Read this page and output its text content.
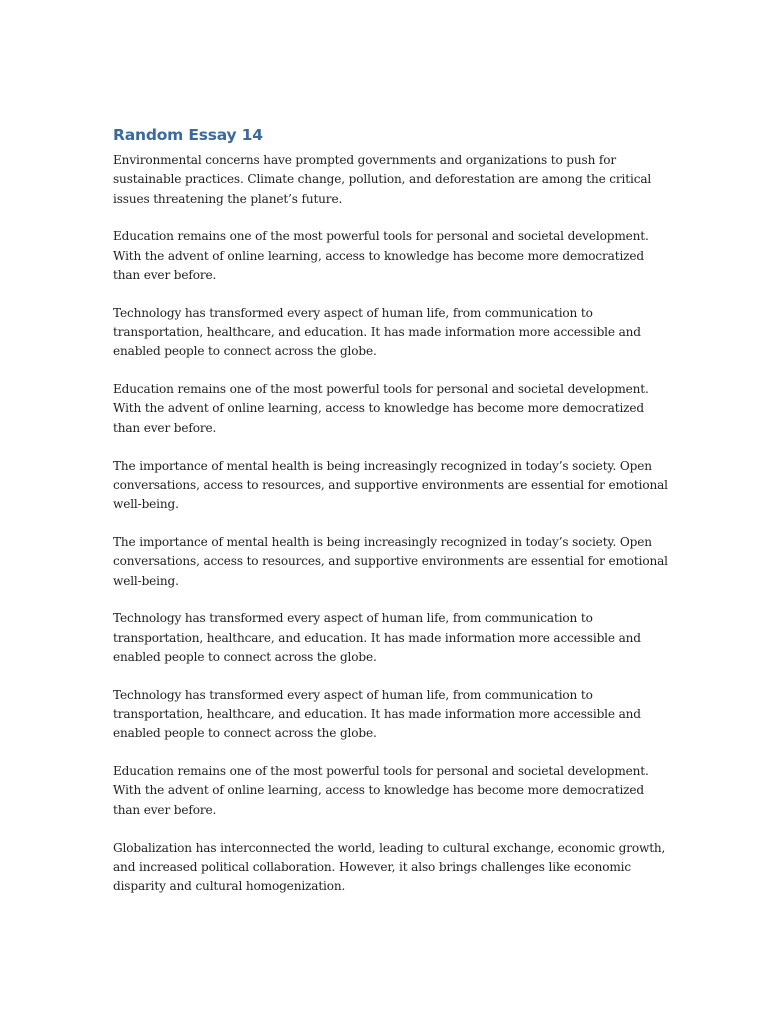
Random Essay 14

Environmental concerns have prompted governments and organizations to push for sustainable practices. Climate change, pollution, and deforestation are among the critical issues threatening the planet’s future.

Education remains one of the most powerful tools for personal and societal development. With the advent of online learning, access to knowledge has become more democratized than ever before.

Technology has transformed every aspect of human life, from communication to transportation, healthcare, and education. It has made information more accessible and enabled people to connect across the globe.

Education remains one of the most powerful tools for personal and societal development. With the advent of online learning, access to knowledge has become more democratized than ever before.

The importance of mental health is being increasingly recognized in today’s society. Open conversations, access to resources, and supportive environments are essential for emotional well-being.

The importance of mental health is being increasingly recognized in today’s society. Open conversations, access to resources, and supportive environments are essential for emotional well-being.

Technology has transformed every aspect of human life, from communication to transportation, healthcare, and education. It has made information more accessible and enabled people to connect across the globe.

Technology has transformed every aspect of human life, from communication to transportation, healthcare, and education. It has made information more accessible and enabled people to connect across the globe.

Education remains one of the most powerful tools for personal and societal development. With the advent of online learning, access to knowledge has become more democratized than ever before.

Globalization has interconnected the world, leading to cultural exchange, economic growth, and increased political collaboration. However, it also brings challenges like economic disparity and cultural homogenization.
